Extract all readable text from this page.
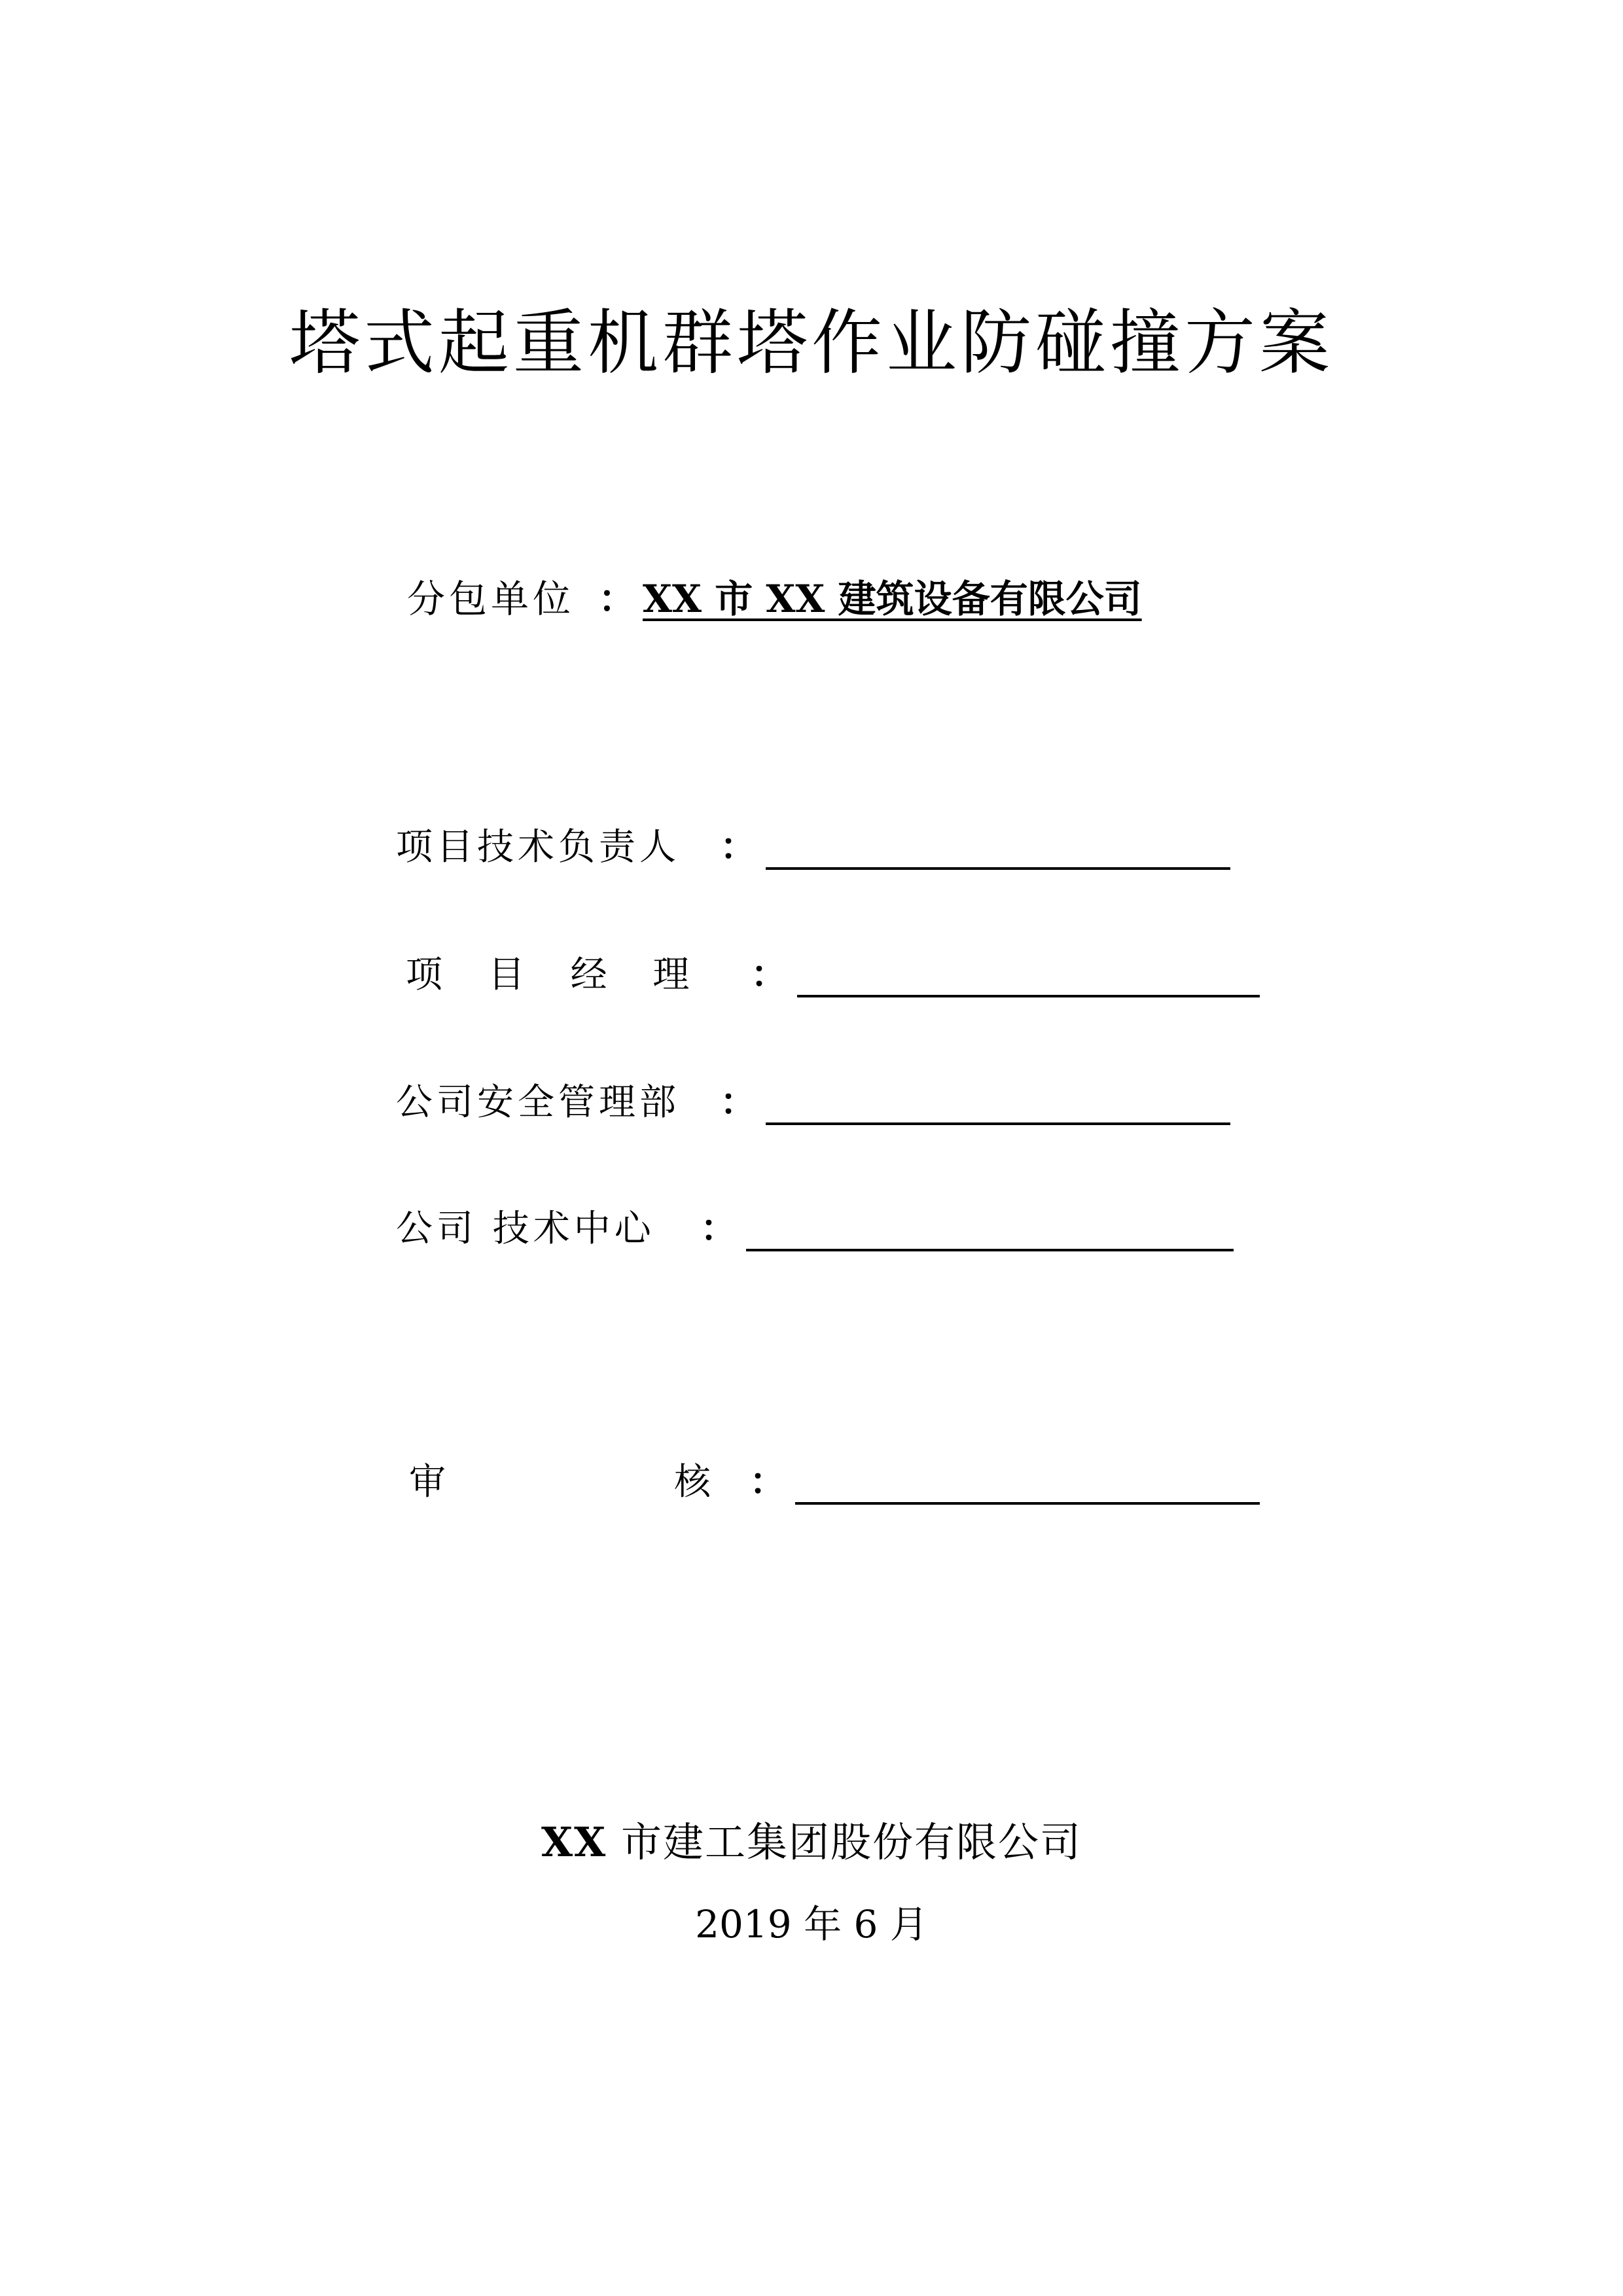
塔式起重机群塔作业防碰撞方案
分包单位 ： XX 市 XX 建筑设备有限公司
项目技术负责人 ：
项 目 经 理 ：
公司安全管理部 ：
公司 技术中心 ：
审	核 ：
XX 市建工集团股份有限公司
2019 年 6 月
